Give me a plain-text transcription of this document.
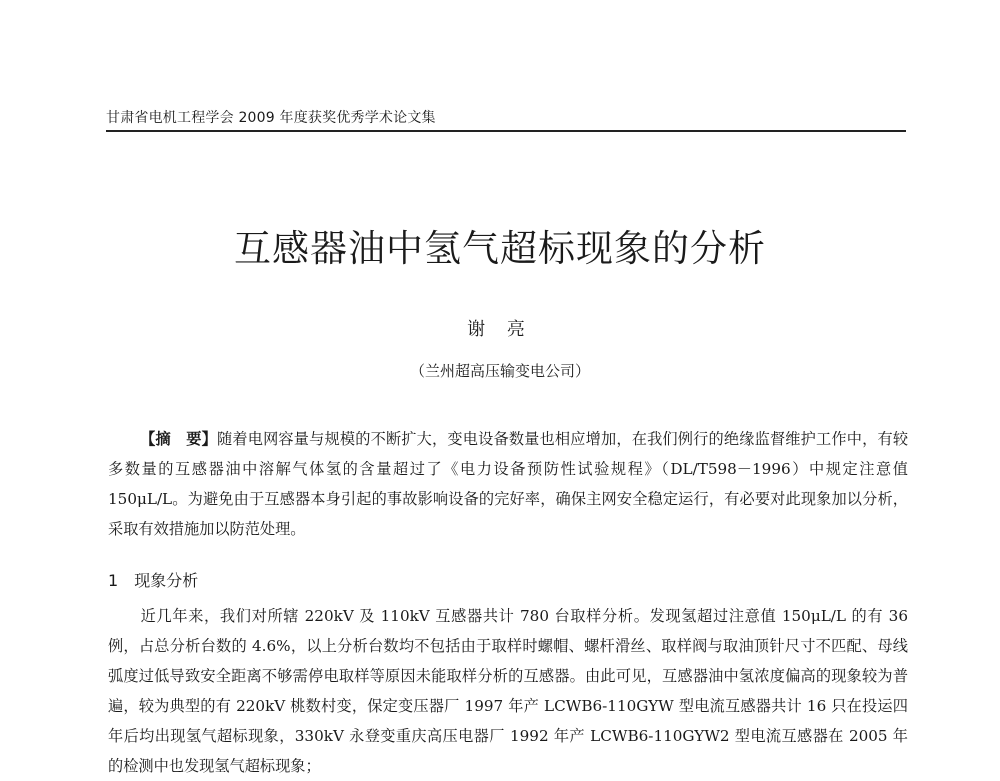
甘肃省电机工程学会 2009 年度获奖优秀学术论文集
互感器油中氢气超标现象的分析
谢 亮
（兰州超高压输变电公司）

【摘　要】随着电网容量与规模的不断扩大，变电设备数量也相应增加，在我们例行的绝缘监督维护工作中，有较多数量的互感器油中溶解气体氢的含量超过了《电力设备预防性试验规程》（DL/T598－1996）中规定注意值 150μL/L。为避免由于互感器本身引起的事故影响设备的完好率，确保主网安全稳定运行，有必要对此现象加以分析，采取有效措施加以防范处理。

1 现象分析

近几年来，我们对所辖 220kV 及 110kV 互感器共计 780 台取样分析。发现氢超过注意值 150μL/L 的有 36 例，占总分析台数的 4.6%，以上分析台数均不包括由于取样时螺帽、螺杆滑丝、取样阀与取油顶针尺寸不匹配、母线弧度过低导致安全距离不够需停电取样等原因未能取样分析的互感器。由此可见，互感器油中氢浓度偏高的现象较为普遍，较为典型的有 220kV 桃数村变，保定变压器厂 1997 年产 LCWB6-110GYW 型电流互感器共计 16 只在投运四年后均出现氢气超标现象，330kV 永登变重庆高压电器厂 1992 年产 LCWB6-110GYW2 型电流互感器在 2005 年的检测中也发现氢气超标现象；
